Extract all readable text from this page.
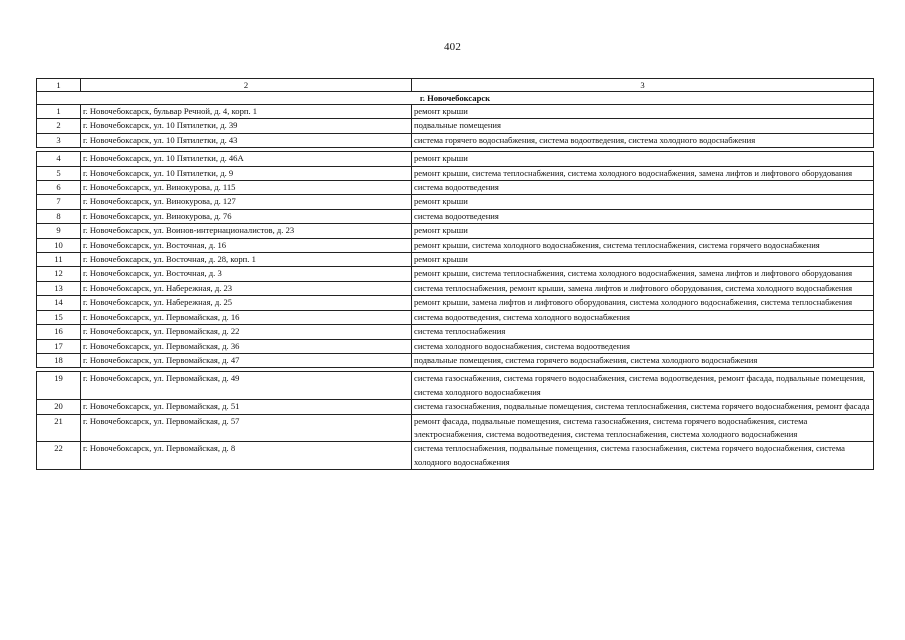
402
1	2	3
г. Новочебоксарск		
1	г. Новочебоксарск, бульвар Речной, д. 4, корп. 1	ремонт крыши
2	г. Новочебоксарск, ул. 10 Пятилетки, д. 39	подвальные помещения
3	г. Новочебоксарск, ул. 10 Пятилетки, д. 43	система горячего водоснабжения, система водоотведения, система холодного водоснабжения

4	г. Новочебоксарск, ул. 10 Пятилетки, д. 46А	ремонт крыши
5	г. Новочебоксарск, ул. 10 Пятилетки, д. 9	ремонт крыши, система теплоснабжения, система холодного водоснабжения, замена лифтов и лифтового оборудования
6	г. Новочебоксарск, ул. Винокурова, д. 115	система водоотведения
7	г. Новочебоксарск, ул. Винокурова, д. 127	ремонт крыши
8	г. Новочебоксарск, ул. Винокурова, д. 76	система водоотведения
9	г. Новочебоксарск, ул. Воинов-интернационалистов, д. 23	ремонт крыши
10	г. Новочебоксарск, ул. Восточная, д. 16	ремонт крыши, система холодного водоснабжения, система теплоснабжения, система горячего водоснабжения
11	г. Новочебоксарск, ул. Восточная, д. 28, корп. 1	ремонт крыши
12	г. Новочебоксарск, ул. Восточная, д. 3	ремонт крыши, система теплоснабжения, система холодного водоснабжения, замена лифтов и лифтового оборудования
13	г. Новочебоксарск, ул. Набережная, д. 23	система теплоснабжения, ремонт крыши, замена лифтов и лифтового оборудования, система холодного водоснабжения
14	г. Новочебоксарск, ул. Набережная, д. 25	ремонт крыши, замена лифтов и лифтового оборудования, система холодного водоснабжения, система теплоснабжения
15	г. Новочебоксарск, ул. Первомайская, д. 16	система водоотведения, система холодного водоснабжения
16	г. Новочебоксарск, ул. Первомайская, д. 22	система теплоснабжения
17	г. Новочебоксарск, ул. Первомайская, д. 36	система холодного водоснабжения, система водоотведения
18	г. Новочебоксарск, ул. Первомайская, д. 47	подвальные помещения, система горячего водоснабжения, система холодного водоснабжения

19	г. Новочебоксарск, ул. Первомайская, д. 49	система газоснабжения, система горячего водоснабжения, система водоотведения, ремонт фасада, подвальные помещения, система холодного водоснабжения
20	г. Новочебоксарск, ул. Первомайская, д. 51	система газоснабжения, подвальные помещения, система теплоснабжения, система горячего водоснабжения, ремонт фасада
21	г. Новочебоксарск, ул. Первомайская, д. 57	ремонт фасада, подвальные помещения, система газоснабжения, система горячего водоснабжения, система электроснабжения, система водоотведения, система теплоснабжения, система холодного водоснабжения
22	г. Новочебоксарск, ул. Первомайская, д. 8	система теплоснабжения, подвальные помещения, система газоснабжения, система горячего водоснабжения, система холодного водоснабжения
